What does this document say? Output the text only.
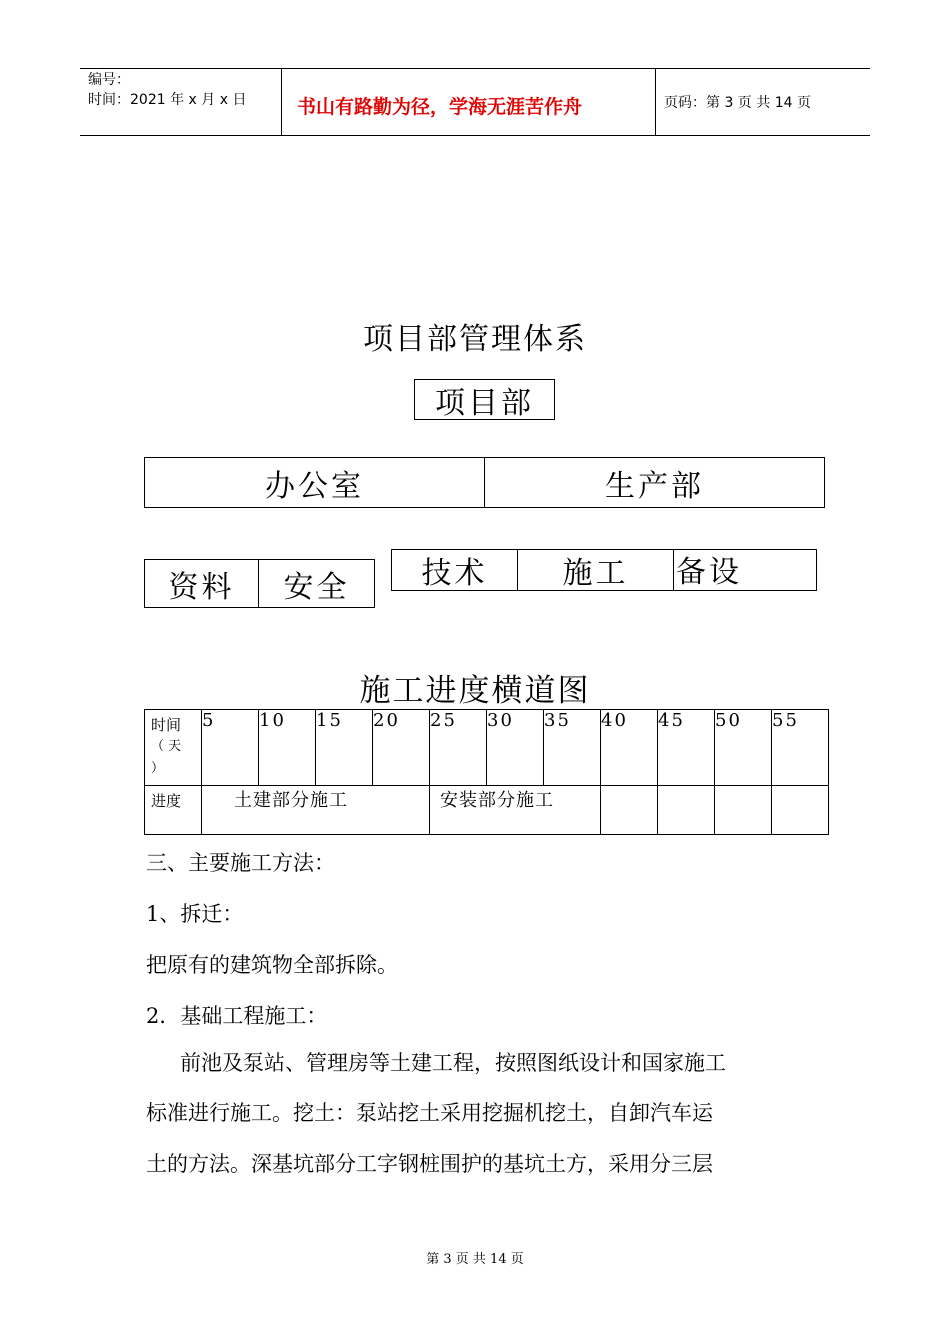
编号：
时间：2021 年 x 月 x 日	书山有路勤为径，学海无涯苦作舟	页码：第 3 页 共 14 页
项目部管理体系
项目部
办公室	生产部
资料 安全 技术	施工 备设
施工进度横道图
时间
（ 天
）	5	10	15	20	25	30	35	40	45	50	55

进度	土建部分施工				安装部分施工						
三、主要施工方法：
1、拆迁：
把原有的建筑物全部拆除。
2．基础工程施工：
前池及泵站、管理房等土建工程，按照图纸设计和国家施工
标准进行施工。挖土：泵站挖土采用挖掘机挖土，自卸汽车运
土的方法。深基坑部分工字钢桩围护的基坑土方，采用分三层
第 3 页 共 14 页
